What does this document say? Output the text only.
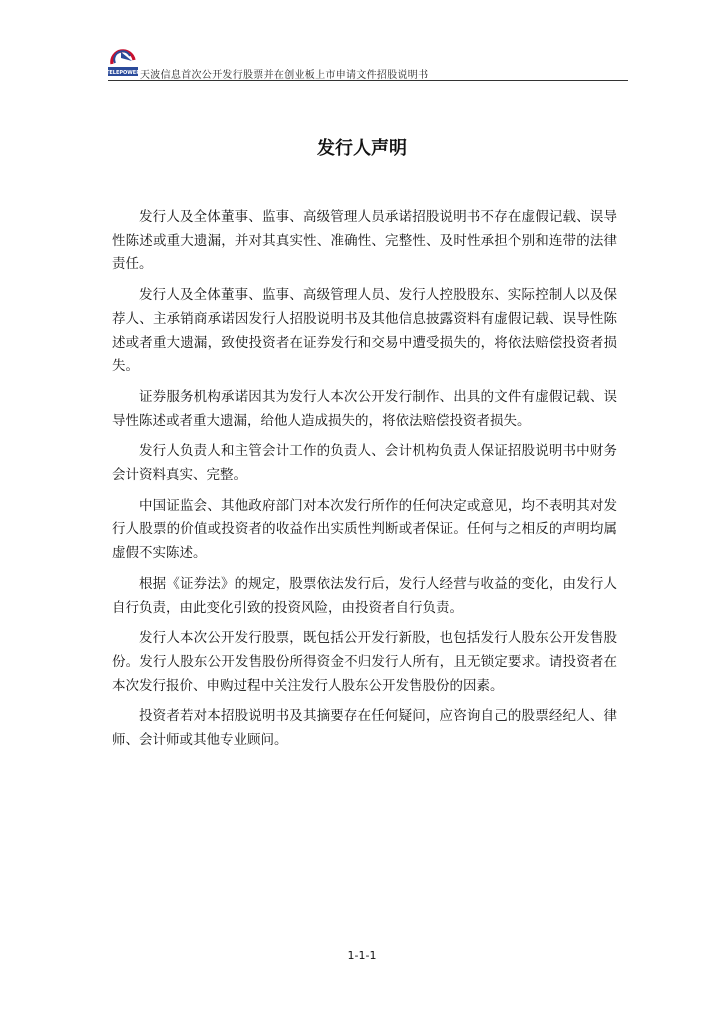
TELEPOWER 天波信息首次公开发行股票并在创业板上市申请文件招股说明书
发行人声明

发行人及全体董事、监事、高级管理人员承诺招股说明书不存在虚假记载、误导性陈述或重大遗漏，并对其真实性、准确性、完整性、及时性承担个别和连带的法律责任。

发行人及全体董事、监事、高级管理人员、发行人控股股东、实际控制人以及保荐人、主承销商承诺因发行人招股说明书及其他信息披露资料有虚假记载、误导性陈述或者重大遗漏，致使投资者在证券发行和交易中遭受损失的，将依法赔偿投资者损失。

证券服务机构承诺因其为发行人本次公开发行制作、出具的文件有虚假记载、误导性陈述或者重大遗漏，给他人造成损失的，将依法赔偿投资者损失。

发行人负责人和主管会计工作的负责人、会计机构负责人保证招股说明书中财务会计资料真实、完整。

中国证监会、其他政府部门对本次发行所作的任何决定或意见，均不表明其对发行人股票的价值或投资者的收益作出实质性判断或者保证。任何与之相反的声明均属虚假不实陈述。

根据《证券法》的规定，股票依法发行后，发行人经营与收益的变化，由发行人自行负责，由此变化引致的投资风险，由投资者自行负责。

发行人本次公开发行股票，既包括公开发行新股，也包括发行人股东公开发售股份。发行人股东公开发售股份所得资金不归发行人所有，且无锁定要求。请投资者在本次发行报价、申购过程中关注发行人股东公开发售股份的因素。

投资者若对本招股说明书及其摘要存在任何疑问，应咨询自己的股票经纪人、律师、会计师或其他专业顾问。

1-1-1
